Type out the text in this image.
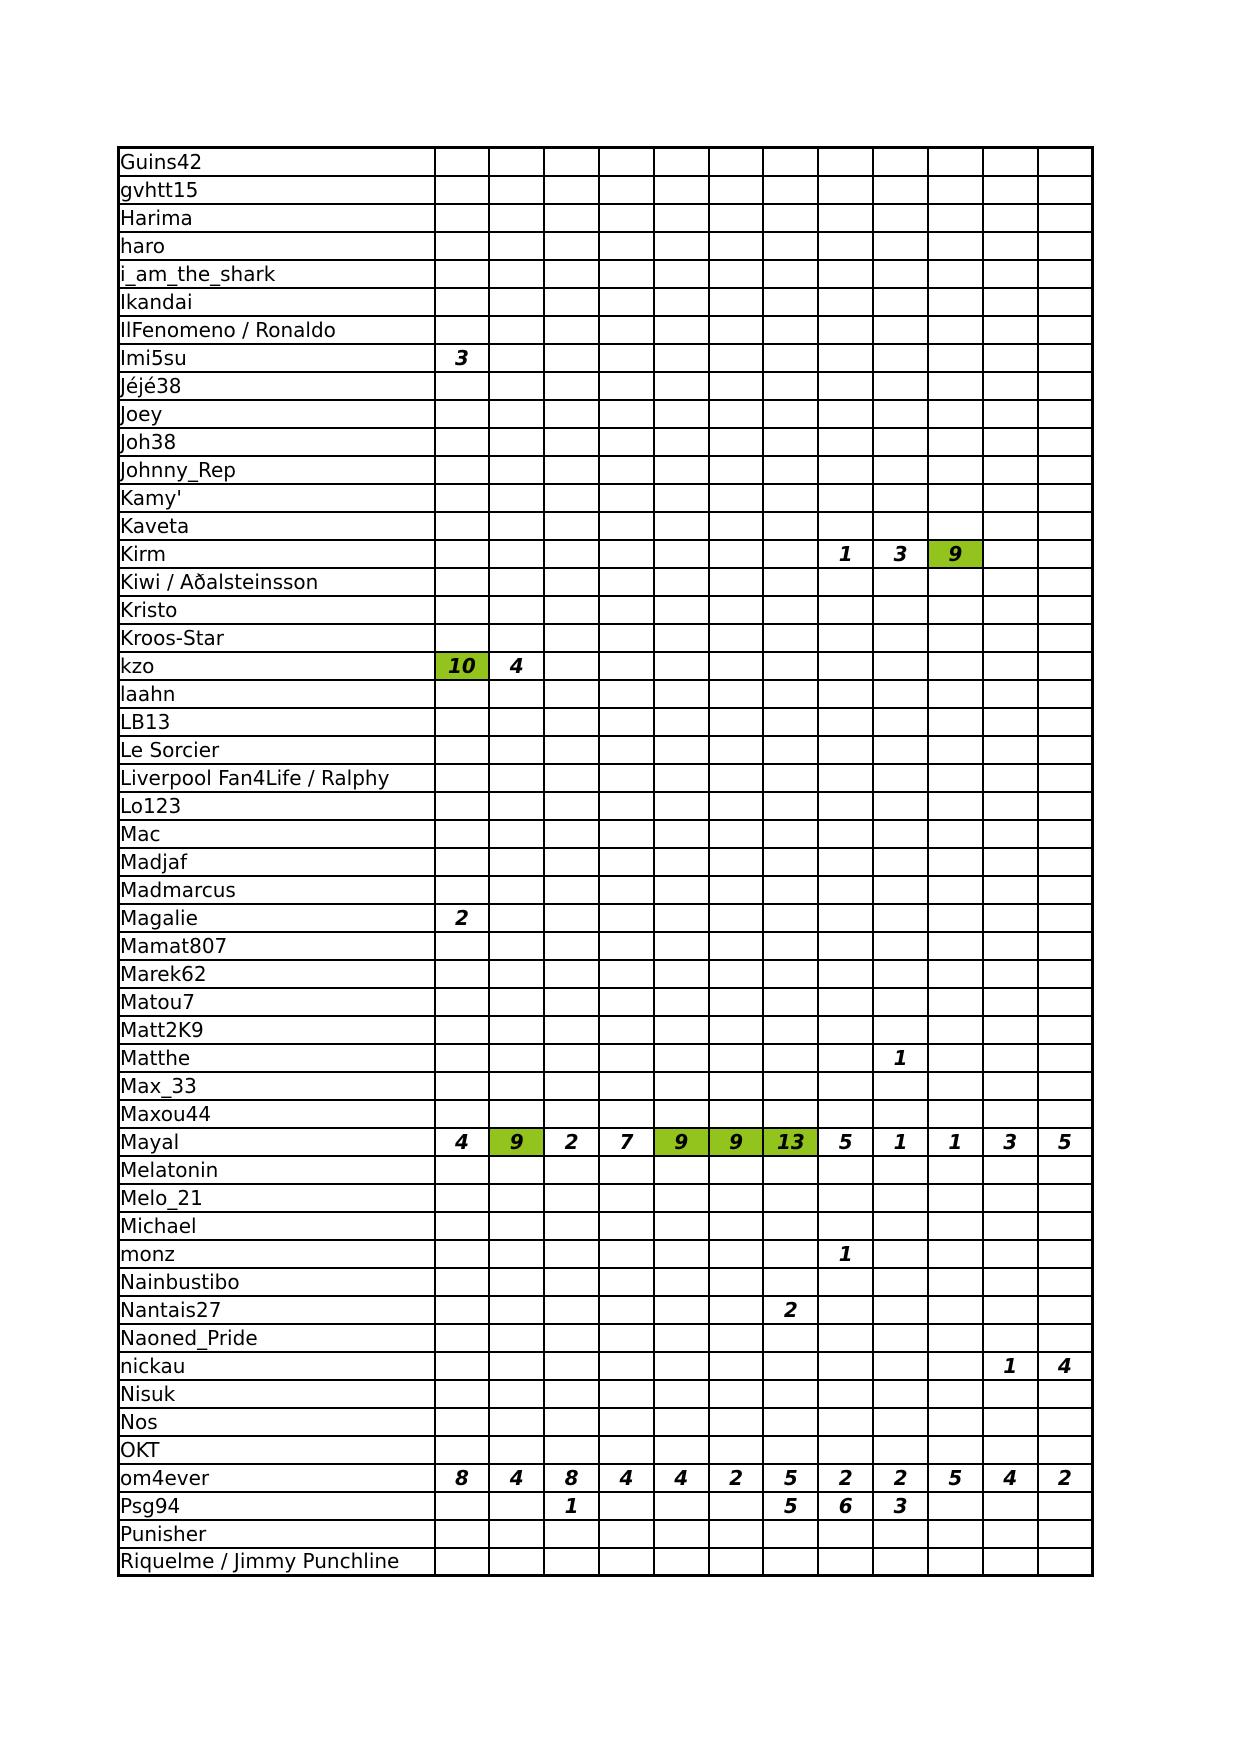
Guins42												
gvhtt15												
Harima												
haro												
i_am_the_shark												
Ikandai												
IlFenomeno / Ronaldo												
Imi5su	3											
Jéjé38												
Joey												
Joh38												
Johnny_Rep												
Kamy'												
Kaveta												
Kirm								1	3	9		
Kiwi / Aðalsteinsson												
Kristo												
Kroos-Star												
kzo	10	4										
laahn												
LB13												
Le Sorcier												
Liverpool Fan4Life / Ralphy												
Lo123												
Mac												
Madjaf												
Madmarcus												
Magalie	2											
Mamat807												
Marek62												
Matou7												
Matt2K9												
Matthe									1			
Max_33												
Maxou44												
Mayal	4	9	2	7	9	9	13	5	1	1	3	5
Melatonin												
Melo_21												
Michael												
monz								1				
Nainbustibo												
Nantais27							2					
Naoned_Pride												
nickau											1	4
Nisuk												
Nos												
OKT												
om4ever	8	4	8	4	4	2	5	2	2	5	4	2
Psg94			1				5	6	3			
Punisher												
Riquelme / Jimmy Punchline												
